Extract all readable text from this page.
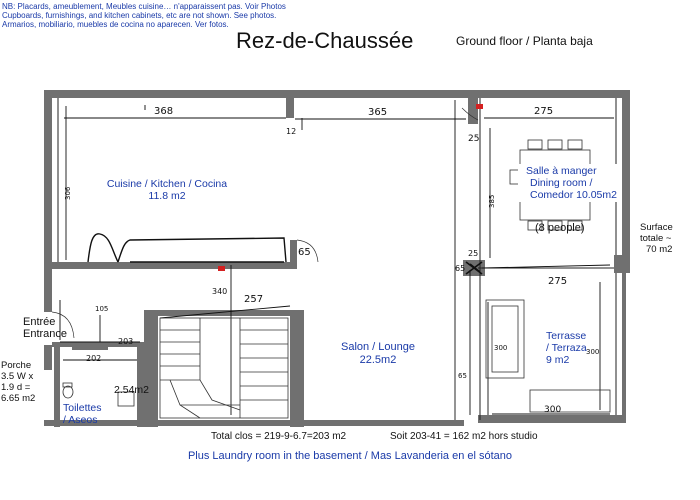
NB: Placards, ameublement, Meubles cuisine… n'apparaissent pas. Voir Photos
Cupboards, furnishings, and kitchen cabinets, etc are not shown. See photos.
Armarios, mobiliario, muebles de cocina no aparecen. Ver fotos.
Rez-de-Chaussée	Ground floor / Planta baja
368	365	275
12
25
25
306
385
65
65
275
257
340
105
203
202
300
300
300
65
Cuisine / Kitchen / Cocina
11.8 m2
Salle à manger
Dining room /
Comedor 10.05m2
(8 people)
Salon / Lounge
22.5m2
Terrasse
/ Terraza
9 m2
Toilettes
/ Aseos
2.54m2
Entrée
Entrance
Porche
3.5 W x
1.9 d =
6.65 m2
Surface
totale ~
70 m2
Total clos = 219-9-6.7=203 m2	Soit 203-41 = 162 m2 hors studio
Plus Laundry room in the basement / Mas Lavanderia en el sótano
